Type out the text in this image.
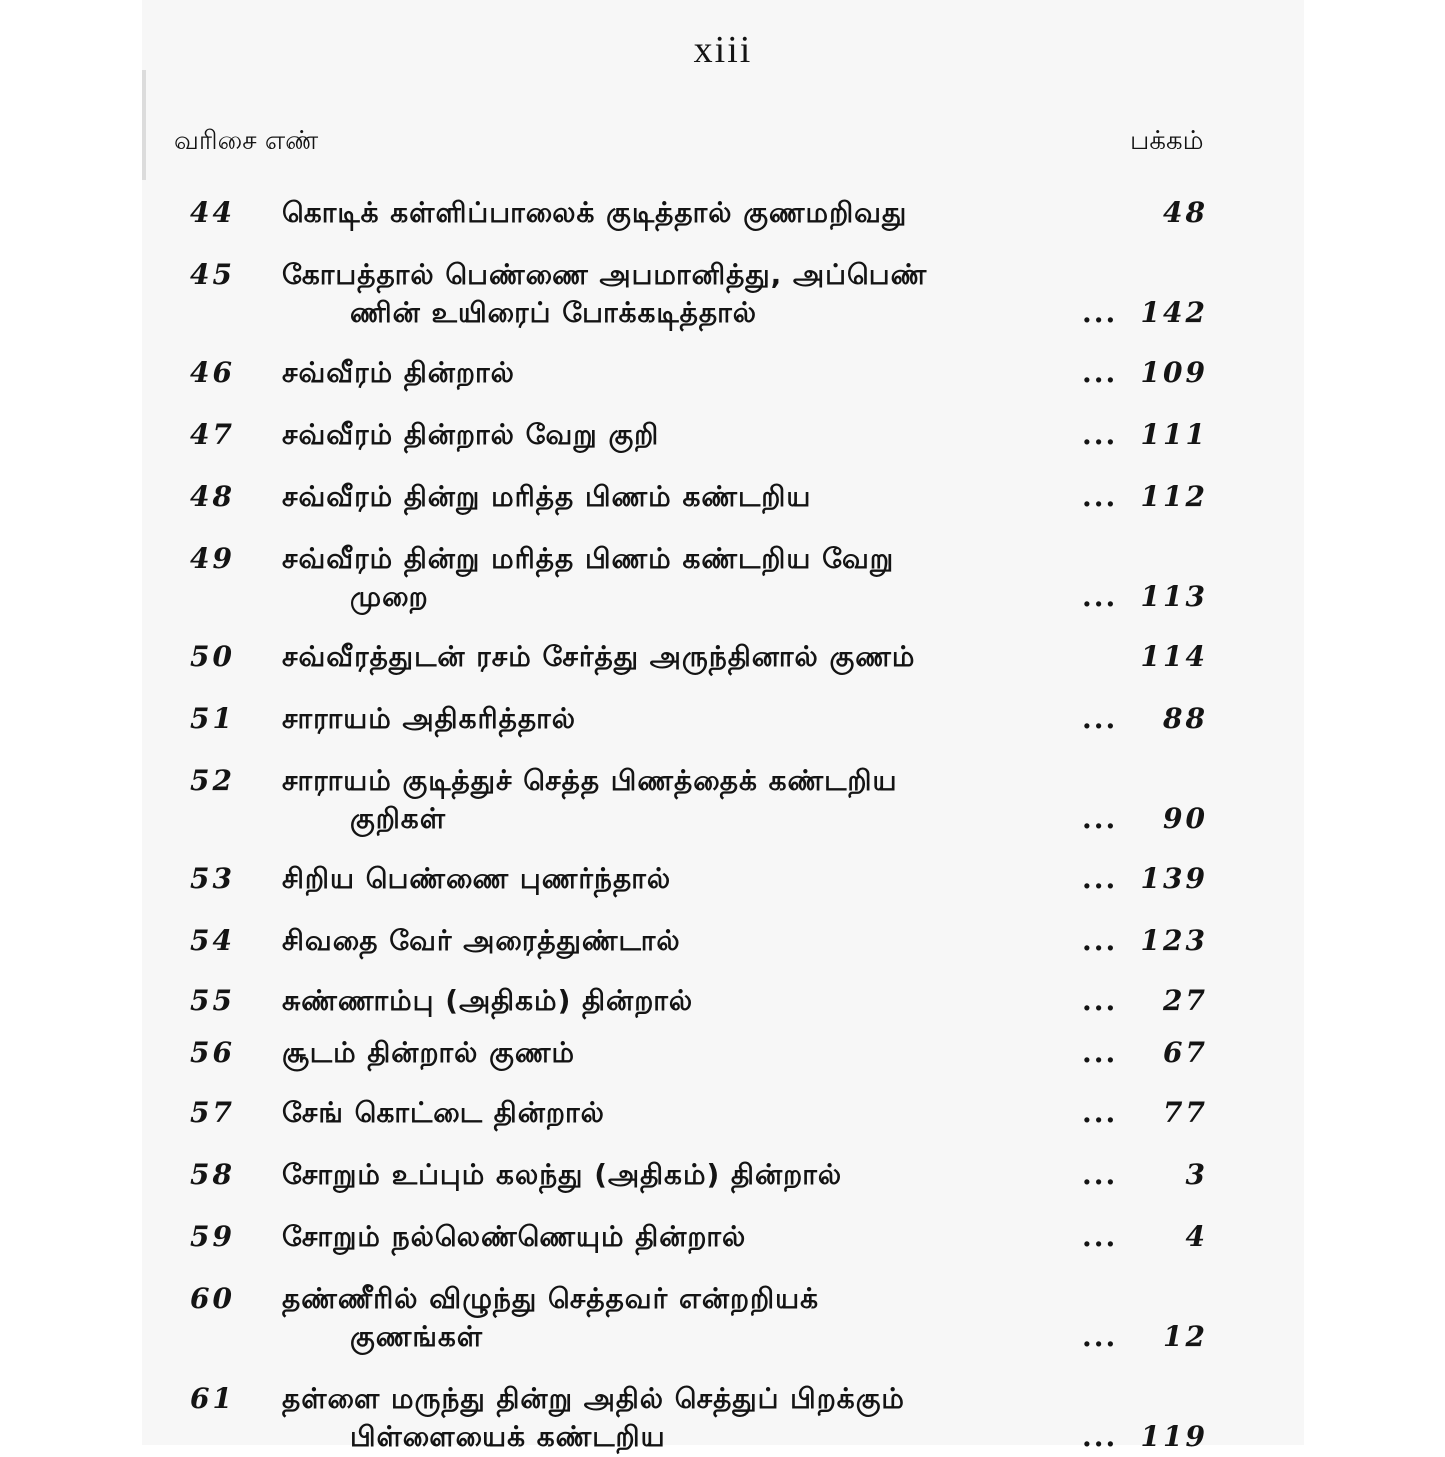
xiii
வரிசை எண்	பக்கம்
44	கொடிக் கள்ளிப்பாலைக் குடித்தால் குணமறிவது	48
45	கோபத்தால் பெண்ணை அபமானித்து, அப்பெண்
ணின் உயிரைப் போக்கடித்தால்	... 142
46	சவ்வீரம் தின்றால்	... 109
47	சவ்வீரம் தின்றால் வேறு குறி	... 111
48	சவ்வீரம் தின்று மரித்த பிணம் கண்டறிய	... 112
49	சவ்வீரம் தின்று மரித்த பிணம் கண்டறிய வேறு
முறை	... 113
50	சவ்வீரத்துடன் ரசம் சேர்த்து அருந்தினால் குணம்	114
51	சாராயம் அதிகரித்தால்	...	88
52	சாராயம் குடித்துச் செத்த பிணத்தைக் கண்டறிய
குறிகள்	...	90
53	சிறிய பெண்ணை புணர்ந்தால்	... 139
54	சிவதை வேர் அரைத்துண்டால்	... 123
55	சுண்ணாம்பு (அதிகம்) தின்றால்	...	27
56	சூடம் தின்றால் குணம்	...	67
57	சேங் கொட்டை தின்றால்	...	77
58	சோறும் உப்பும் கலந்து (அதிகம்) தின்றால்	...	3
59	சோறும் நல்லெண்ணெயும் தின்றால்	...	4
60	தண்ணீரில் விழுந்து செத்தவர் என்றறியக்
குணங்கள்	...	12
61	தள்ளை மருந்து தின்று அதில் செத்துப் பிறக்கும்
பிள்ளையைக் கண்டறிய	... 119
